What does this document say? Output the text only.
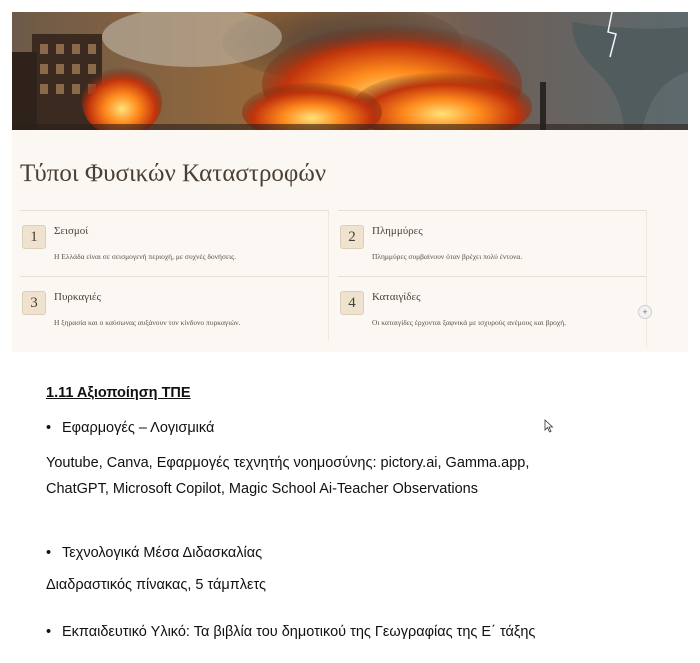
Τύποι Φυσικών Καταστροφών
1	Σεισμοί
Η Ελλάδα είναι σε σεισμογενή περιοχή, με συχνές δονήσεις.
2	Πλημμύρες
Πλημμύρες συμβαίνουν όταν βρέχει πολύ έντονα.
3	Πυρκαγιές
Η ξηρασία και ο καύσωνας αυξάνουν τον κίνδυνο πυρκαγιών.
4	Καταιγίδες
Οι καταιγίδες έρχονται ξαφνικά με ισχυρούς ανέμους και βροχή.
+
1.11 Αξιοποίηση ΤΠΕ
• Εφαρμογές – Λογισμικά
Youtube, Canva, Εφαρμογές τεχνητής νοημοσύνης: pictory.ai, Gamma.app,
ChatGPT, Microsoft Copilot, Magic School Ai-Teacher Observations
• Τεχνολογικά Μέσα Διδασκαλίας
Διαδραστικός πίνακας, 5 τάμπλετς
• Εκπαιδευτικό Υλικό: Τα βιβλία του δημοτικού της Γεωγραφίας της Ε΄ τάξης
